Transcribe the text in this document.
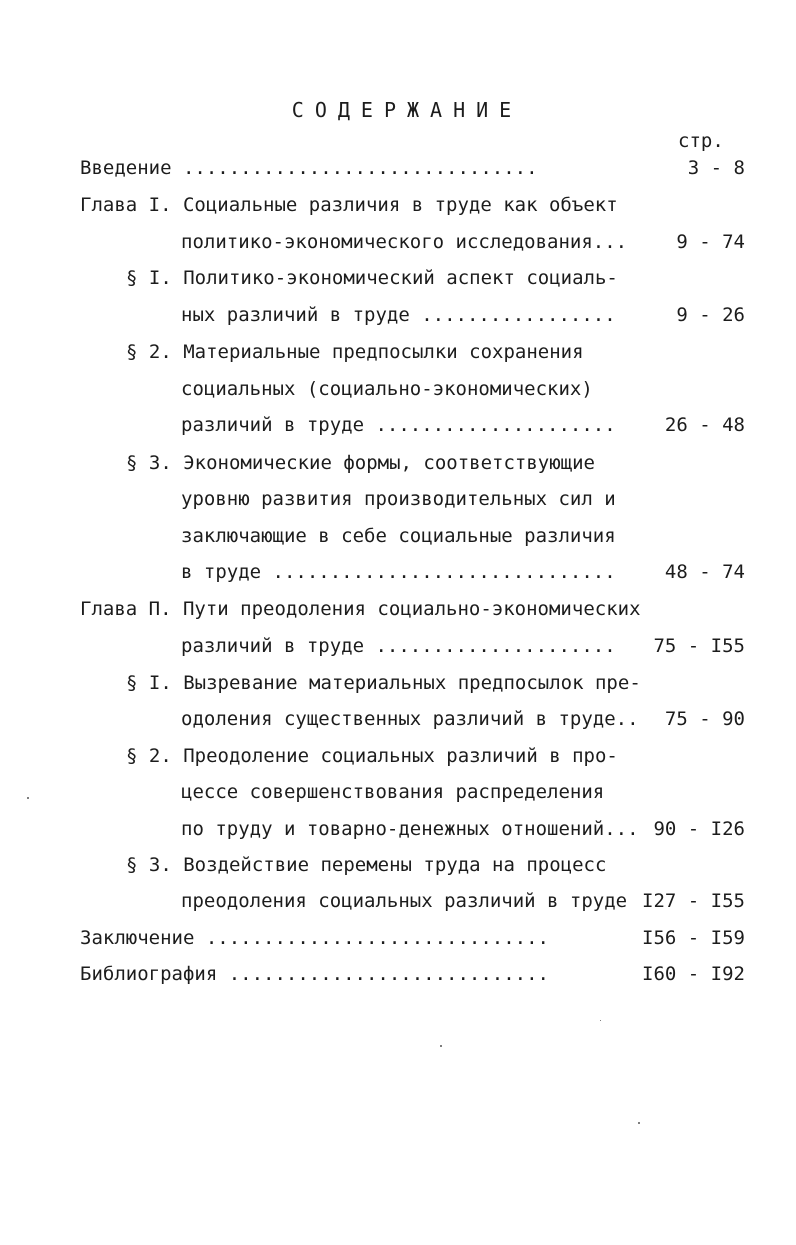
СОДЕРЖАНИЕ
стр.
Введение ...............................	3 - 8
Глава I. Социальные различия в труде как объект
политико-экономического исследования...	9 - 74
§ I. Политико-экономический аспект социаль-
ных различий в труде .................	9 - 26
§ 2. Материальные предпосылки сохранения
социальных (социально-экономических)
различий в труде .....................	26 - 48
§ 3. Экономические формы, соответствующие
уровню развития производительных сил и
заключающие в себе социальные различия
в труде ..............................	48 - 74
Глава П. Пути преодоления социально-экономических
различий в труде .....................	75 - I55
§ I. Вызревание материальных предпосылок пре-
одоления существенных различий в труде..	75 - 90
§ 2. Преодоление социальных различий в про-
цессе совершенствования распределения
по труду и товарно-денежных отношений... 90 - I26
§ 3. Воздействие перемены труда на процесс
преодоления социальных различий в труде I27 - I55
Заключение ..............................	I56 - I59
Библиография ............................	I60 - I92
